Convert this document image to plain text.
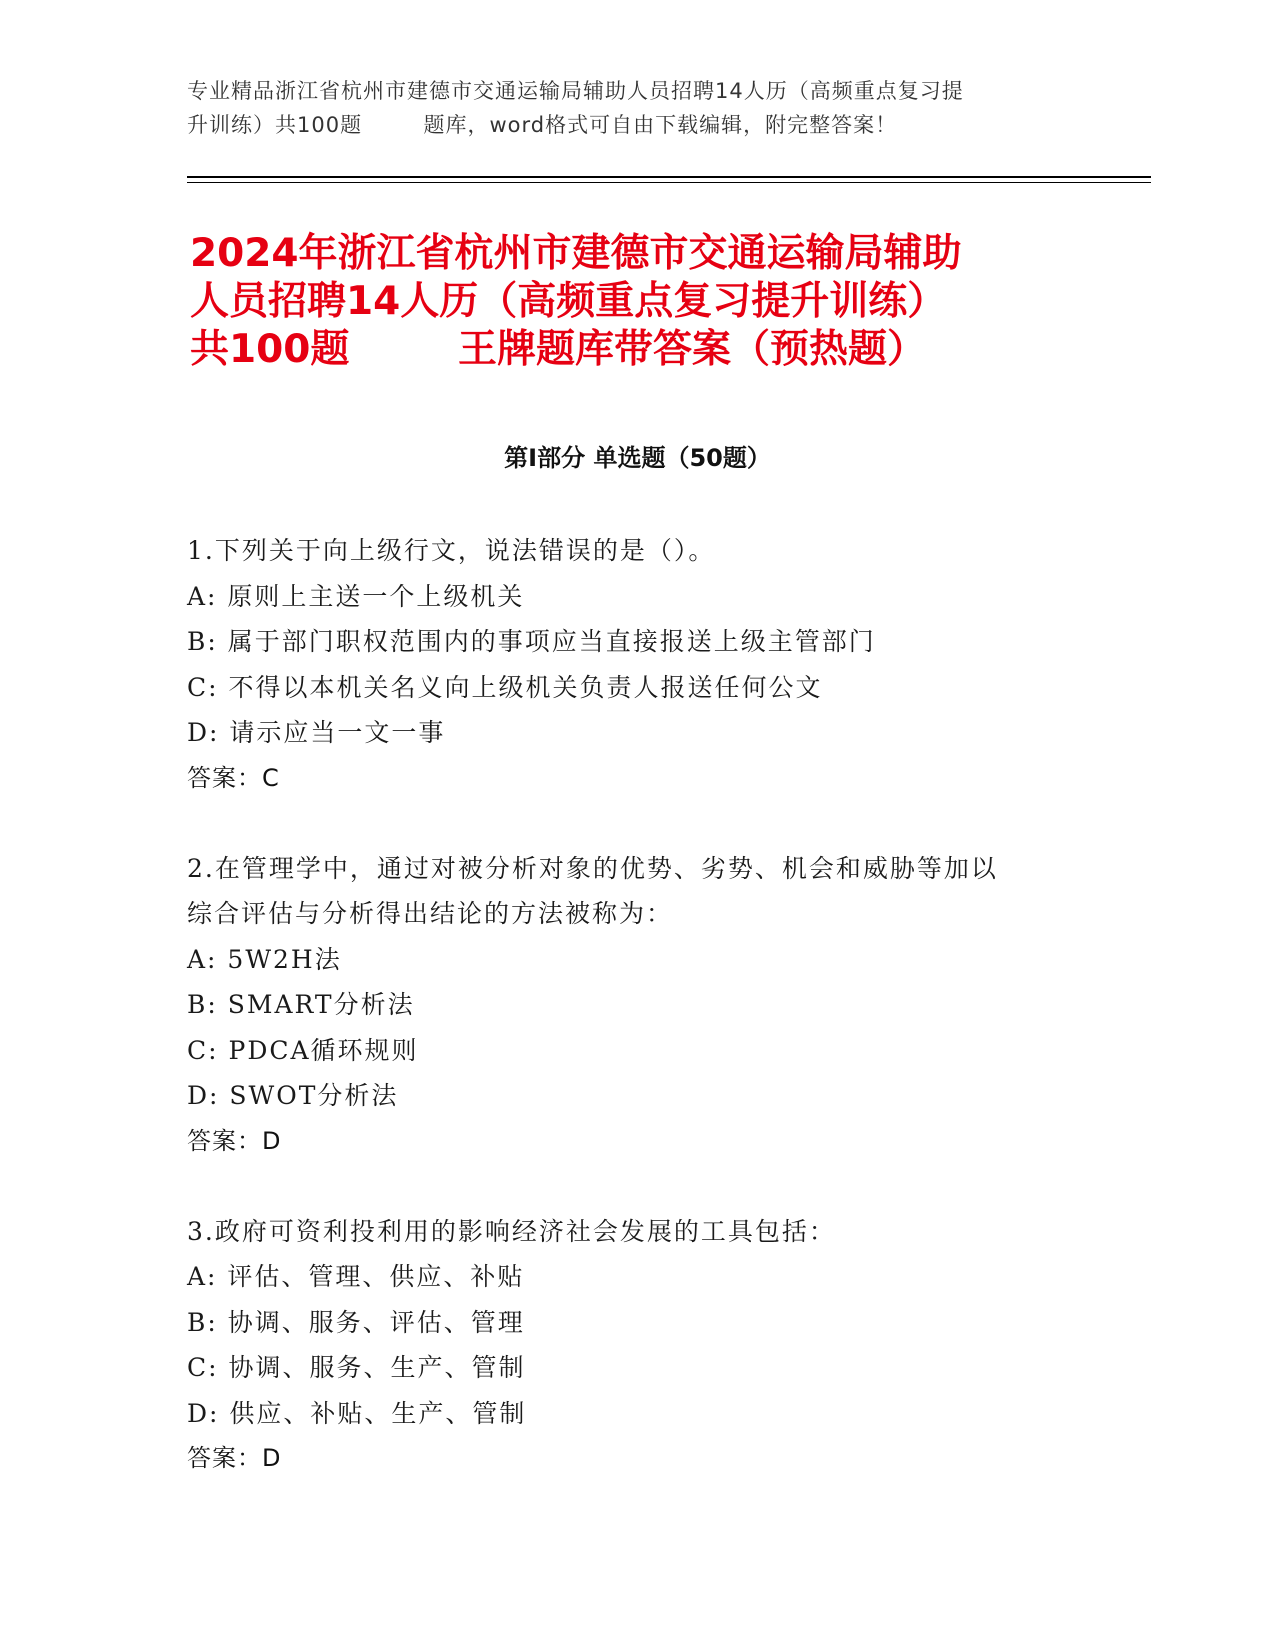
专业精品浙江省杭州市建德市交通运输局辅助人员招聘14人历（高频重点复习提
升训练）共100题        题库，word格式可自由下载编辑，附完整答案！
2024年浙江省杭州市建德市交通运输局辅助
人员招聘14人历（高频重点复习提升训练）
共100题        王牌题库带答案（预热题）
第Ⅰ部分 单选题（50题）
1.下列关于向上级行文，说法错误的是（）。
A: 原则上主送一个上级机关
B: 属于部门职权范围内的事项应当直接报送上级主管部门
C: 不得以本机关名义向上级机关负责人报送任何公文
D: 请示应当一文一事
答案：C
2.在管理学中，通过对被分析对象的优势、劣势、机会和威胁等加以
综合评估与分析得出结论的方法被称为：
A: 5W2H法
B: SMART分析法
C: PDCA循环规则
D: SWOT分析法
答案：D
3.政府可资利投利用的影响经济社会发展的工具包括：
A: 评估、管理、供应、补贴
B: 协调、服务、评估、管理
C: 协调、服务、生产、管制
D: 供应、补贴、生产、管制
答案：D
